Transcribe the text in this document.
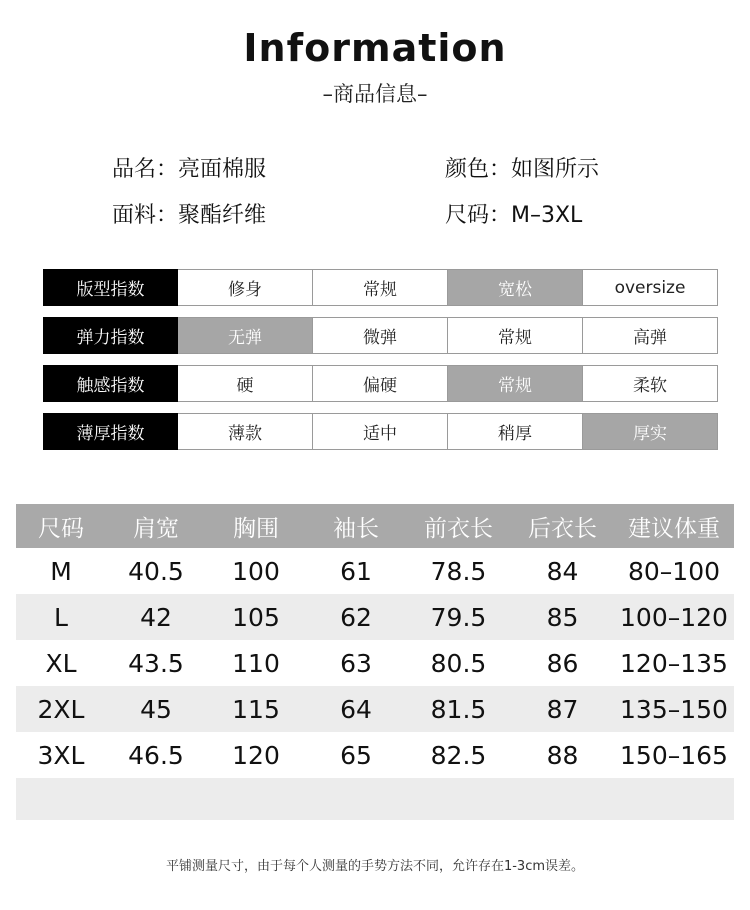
Information
–商品信息–
品名：亮面棉服	颜色：如图所示
面料：聚酯纤维	尺码：M–3XL
版型指数	修身	常规	宽松	oversize
弹力指数	无弹	微弹	常规	高弹
触感指数	硬	偏硬	常规	柔软
薄厚指数	薄款	适中	稍厚	厚实
尺码	肩宽	胸围	袖长	前衣长	后衣长	建议体重
M	40.5	100	61	78.5	84	80–100
L	42	105	62	79.5	85	100–120
XL	43.5	110	63	80.5	86	120–135
2XL	45	115	64	81.5	87	135–150
3XL	46.5	120	65	82.5	88	150–165
平铺测量尺寸，由于每个人测量的手势方法不同，允许存在1-3cm误差。
